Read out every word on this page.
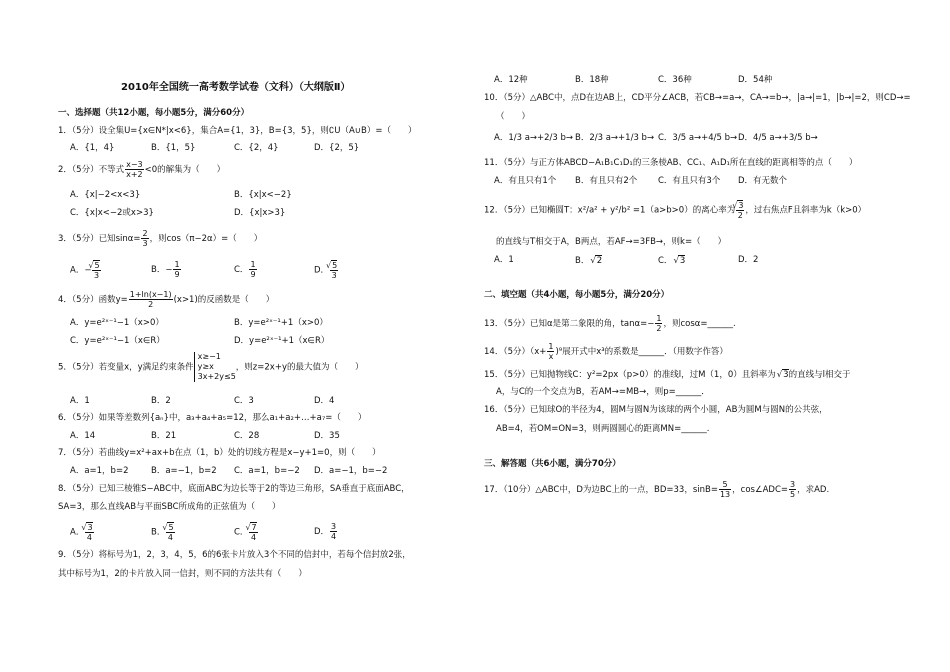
2010年全国统一高考数学试卷（文科）（大纲版Ⅱ）
一、选择题（共12小题，每小题5分，满分60分）
1．（5分）设全集U={x∈N*|x<6}，集合A={1，3}，B={3，5}，则∁U（A∪B）=（　　）
A．{1，4}	B．{1，5}	C．{2，4}	D．{2，5}
2．（5分）不等式 $\frac{x-3}{x+2} <0$的解集为（　　）
A．{x|−2<x<3}	B．{x|x<−2}
C．{x|x<−2或x>3}	D．{x|x>3}
3．（5分）已知$\sin\alpha= \frac{2}{3}$ ，则cos（π−2α）=（　　）
A．− √ $\frac{5}{3}$	B．− $\frac{1}{9}$	C． $\frac{1}{9}$	D． √ $\frac{5}{3}$
4．（5分）函数$y= \frac{1+\ln(x-1)}{2} (x>1)$的反函数是（　　）
A．y=e²ˣ⁻¹−1（x>0）	B．y=e²ˣ⁻¹+1（x>0）
C．y=e²ˣ⁻¹−1（x∈R）	D．y=e²ˣ⁻¹+1（x∈R）
5．（5分）若变量x，y满足约束条件
x≥−1
y≥x
3x+2y≤5
，则z=2x+y的最大值为（　　）
A．1	B．2	C．3	D．4
6．（5分）如果等差数列{aₙ}中，a₃+a₄+a₅=12，那么a₁+a₂+…+a₇=（　　）
A．14	B．21	C．28	D．35
7．（5分）若曲线y=x²+ax+b在点（1，b）处的切线方程是x−y+1=0，则（　　）
A．a=1，b=2	B．a=−1，b=2 C．a=1，b=−2 D．a=−1，b=−2
8．（5分）已知三棱锥S−ABC中，底面ABC为边长等于2的等边三角形，SA垂直于底面ABC，
SA=3，那么直线AB与平面SBC所成角的正弦值为（　　）
A． √ $\frac{3}{4}$	B． √ $\frac{5}{4}$	C． √ $\frac{7}{4}$	D． $\frac{3}{4}$
9．（5分）将标号为1，2，3，4，5，6的6张卡片放入3个不同的信封中，若每个信封放2张，
其中标号为1，2的卡片放入同一信封，则不同的方法共有（　　）
A．12种	B．18种	C．36种	D．54种
10．（5分）△ABC中，点D在边AB上，CD平分∠ACB，若CB→=a→，CA→=b→，|a→|=1，|b→|=2，则CD→=
（　　）
A．1/3 a→+2/3 b→ B．2/3 a→+1/3 b→ C．3/5 a→+4/5 b→ D．4/5 a→+3/5 b→
11．（5分）与正方体ABCD−A₁B₁C₁D₁的三条棱AB、CC₁、A₁D₁所在直线的距离相等的点（　　）
A．有且只有1个 B．有且只有2个 C．有且只有3个 D．有无数个
12．（5分）已知椭圆T：x²/a² + y²/b² =1（a>b>0）的离心率为 √ $\frac{3}{2}$ ，过右焦点F且斜率为k（k>0）
的直线与T相交于A，B两点，若AF→=3FB→，则k=（　　）
A．1	B． √ 2	C． √ 3	D．2
二、填空题（共4小题，每小题5分，满分20分）
13．（5分）已知α是第二象限的角，$\tan\alpha=- \frac{1}{2}$ ，则cosα=______.
14．（5分）$(x+ \frac{1}{x} )^9$展开式中x³的系数是______．（用数字作答）
15．（5分）已知抛物线C：y²=2px（p>0）的准线l，过M（1，0）且斜率为 √ 3的直线与l相交于
A，与C的一个交点为B，若AM→=MB→，则p=______．
16．（5分）已知球O的半径为4，圆M与圆N为该球的两个小圆，AB为圆M与圆N的公共弦，
AB=4，若OM=ON=3，则两圆圆心的距离MN=______.
三、解答题（共6小题，满分70分）
17．（10分）△ABC中，D为边BC上的一点，BD=33，$\sin B= \frac{5}{13}$ ，cos∠ADC= $\frac{3}{5}$ ，求AD.
